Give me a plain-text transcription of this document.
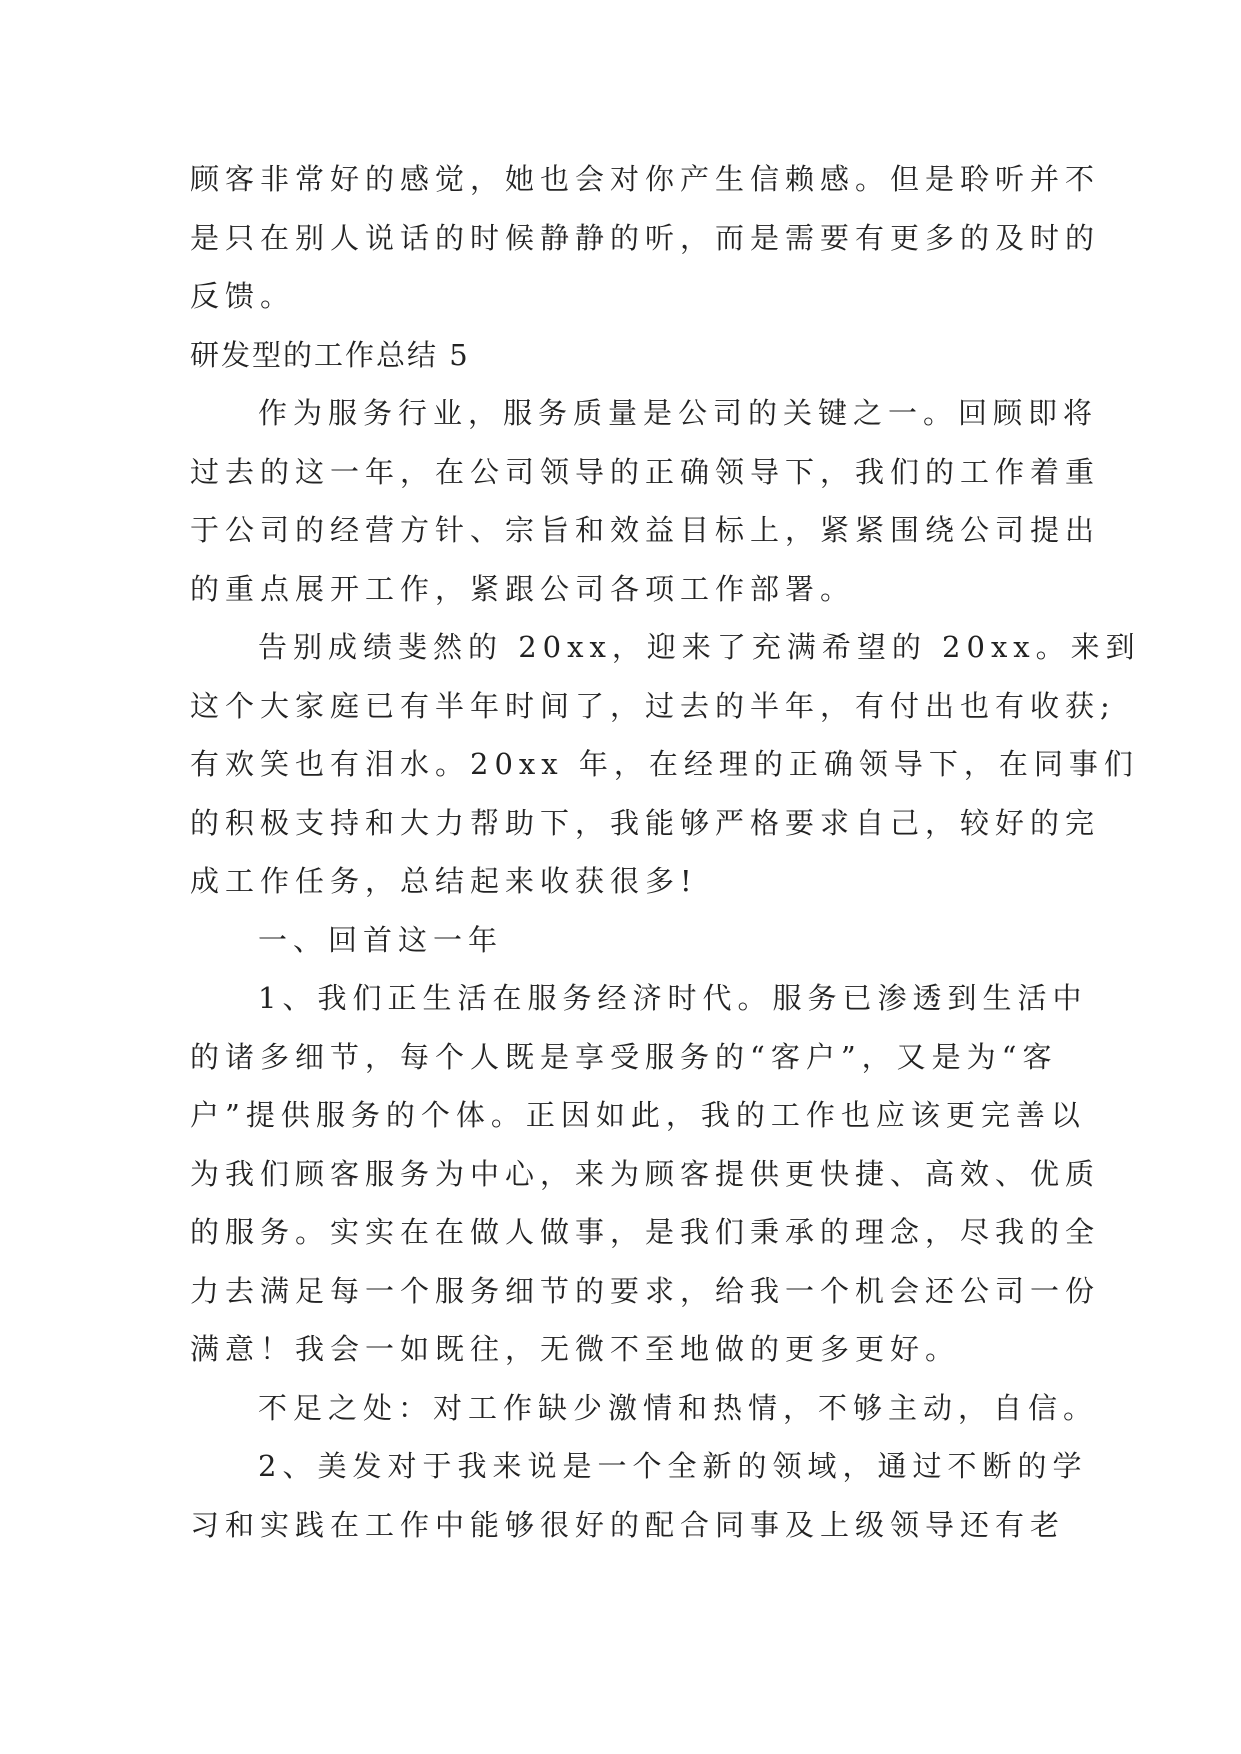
顾客非常好的感觉，她也会对你产生信赖感。但是聆听并不
是只在别人说话的时候静静的听，而是需要有更多的及时的
反馈。
研发型的工作总结 5
作为服务行业，服务质量是公司的关键之一。回顾即将
过去的这一年，在公司领导的正确领导下，我们的工作着重
于公司的经营方针、宗旨和效益目标上，紧紧围绕公司提出
的重点展开工作，紧跟公司各项工作部署。
告别成绩斐然的 20xx，迎来了充满希望的 20xx。来到
这个大家庭已有半年时间了，过去的半年，有付出也有收获;
有欢笑也有泪水。20xx 年，在经理的正确领导下，在同事们
的积极支持和大力帮助下，我能够严格要求自己，较好的完
成工作任务，总结起来收获很多!
一、回首这一年
1、我们正生活在服务经济时代。服务已渗透到生活中
的诸多细节，每个人既是享受服务的“客户”，又是为“客
户”提供服务的个体。正因如此，我的工作也应该更完善以
为我们顾客服务为中心，来为顾客提供更快捷、高效、优质
的服务。实实在在做人做事，是我们秉承的理念，尽我的全
力去满足每一个服务细节的要求，给我一个机会还公司一份
满意！我会一如既往，无微不至地做的更多更好。
不足之处：对工作缺少激情和热情，不够主动，自信。
2、美发对于我来说是一个全新的领域，通过不断的学
习和实践在工作中能够很好的配合同事及上级领导还有老
